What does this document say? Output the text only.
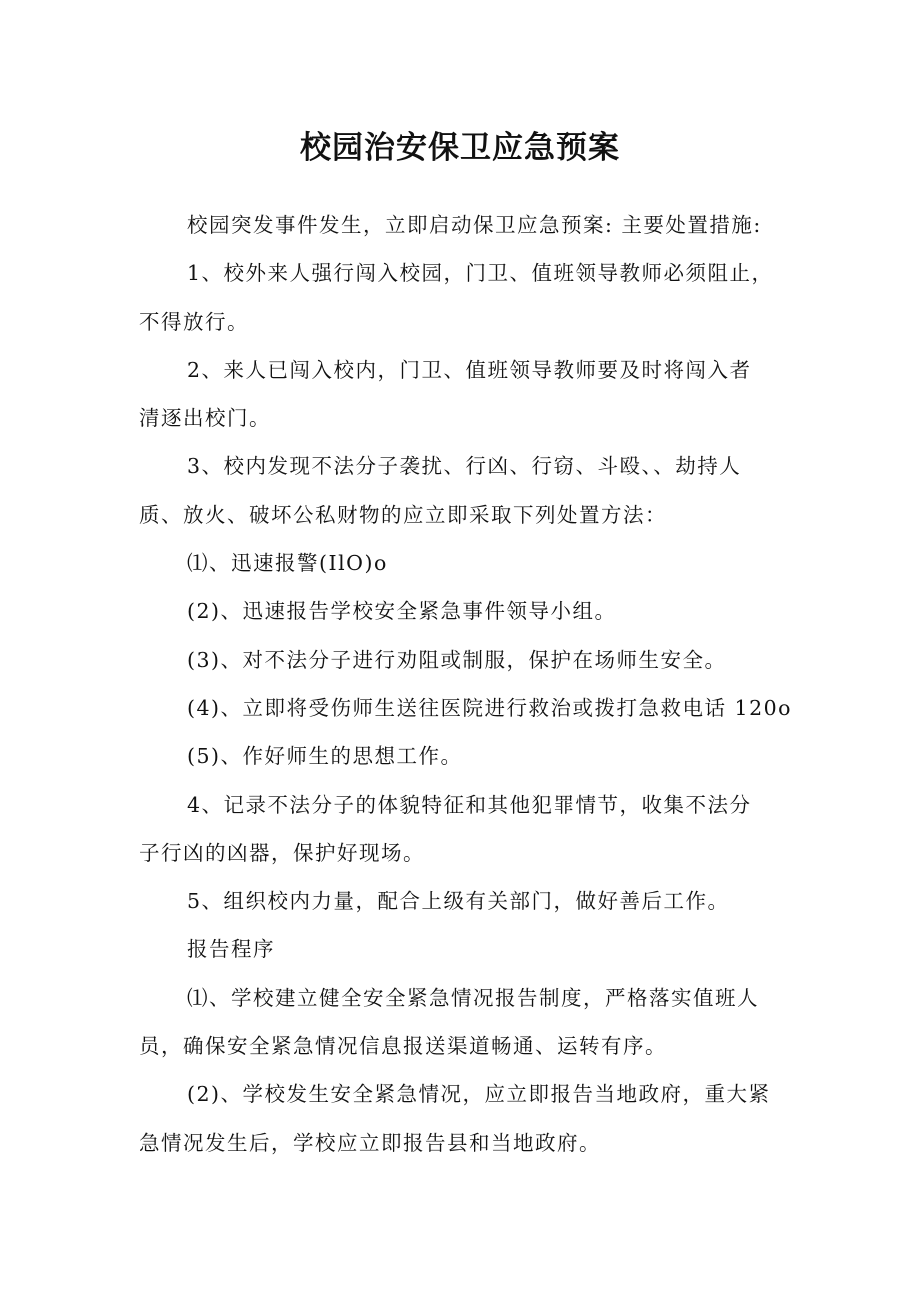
校园治安保卫应急预案

校园突发事件发生，立即启动保卫应急预案: 主要处置措施:

1、校外来人强行闯入校园，门卫、值班领导教师必须阻止，
不得放行。

2、来人已闯入校内，门卫、值班领导教师要及时将闯入者
清逐出校门。

3、校内发现不法分子袭扰、行凶、行窃、斗殴、、劫持人
质、放火、破坏公私财物的应立即采取下列处置方法：

⑴、迅速报警(IlO)o

(2)、迅速报告学校安全紧急事件领导小组。

(3)、对不法分子进行劝阻或制服，保护在场师生安全。

(4)、立即将受伤师生送往医院进行救治或拨打急救电话 120o

(5)、作好师生的思想工作。

4、记录不法分子的体貌特征和其他犯罪情节，收集不法分
子行凶的凶器，保护好现场。

5、组织校内力量，配合上级有关部门，做好善后工作。

报告程序

⑴、学校建立健全安全紧急情况报告制度，严格落实值班人
员，确保安全紧急情况信息报送渠道畅通、运转有序。

(2)、学校发生安全紧急情况，应立即报告当地政府，重大紧
急情况发生后，学校应立即报告县和当地政府。
